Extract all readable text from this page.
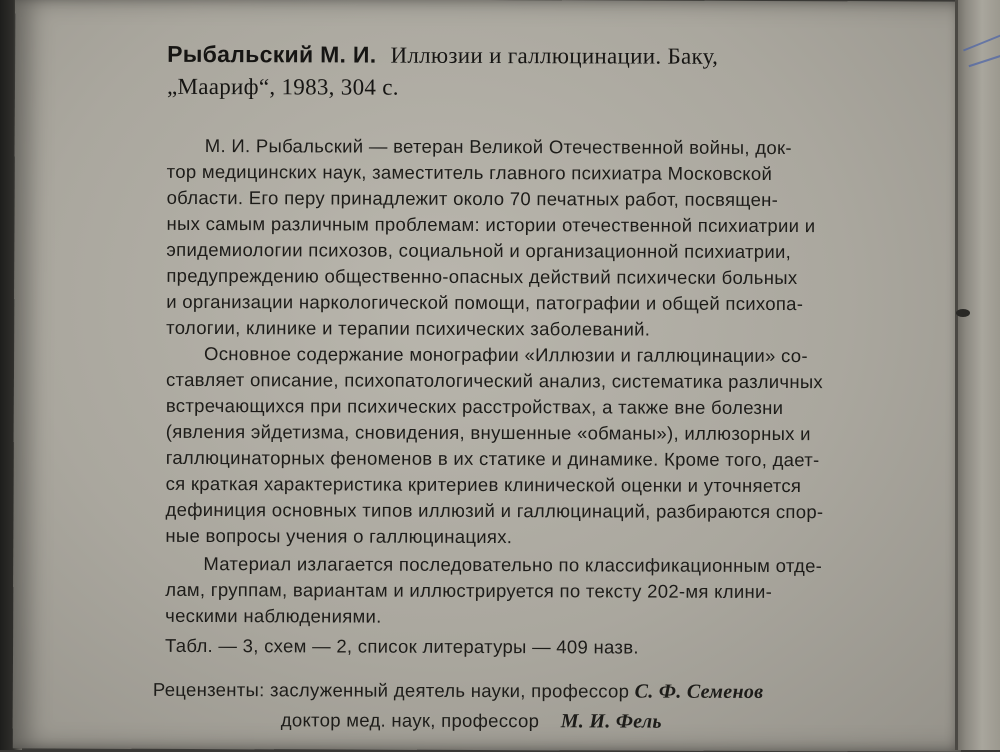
Рыбальский М. И. Иллюзии и галлюцинации. Баку,
„Маариф“, 1983, 304 с.
М. И. Рыбальский — ветеран Великой Отечественной войны, док-
тор медицинских наук, заместитель главного психиатра Московской
области. Его перу принадлежит около 70 печатных работ, посвящен-
ных самым различным проблемам: истории отечественной психиатрии и
эпидемиологии психозов, социальной и организационной психиатрии,
предупреждению общественно-опасных действий психически больных
и организации наркологической помощи, патографии и общей психопа-
тологии, клинике и терапии психических заболеваний.
Основное содержание монографии «Иллюзии и галлюцинации» со-
ставляет описание, психопатологический анализ, систематика различных
встречающихся при психических расстройствах, а также вне болезни
(явления эйдетизма, сновидения, внушенные «обманы»), иллюзорных и
галлюцинаторных феноменов в их статике и динамике. Кроме того, дает-
ся краткая характеристика критериев клинической оценки и уточняется
дефиниция основных типов иллюзий и галлюцинаций, разбираются спор-
ные вопросы учения о галлюцинациях.
Материал излагается последовательно по классификационным отде-
лам, группам, вариантам и иллюстрируется по тексту 202-мя клини-
ческими наблюдениями.
Табл. — 3, схем — 2, список литературы — 409 назв.
Рецензенты: заслуженный деятель науки, профессор С. Ф. Семенов
доктор мед. наук, профессор М. И. Фель
